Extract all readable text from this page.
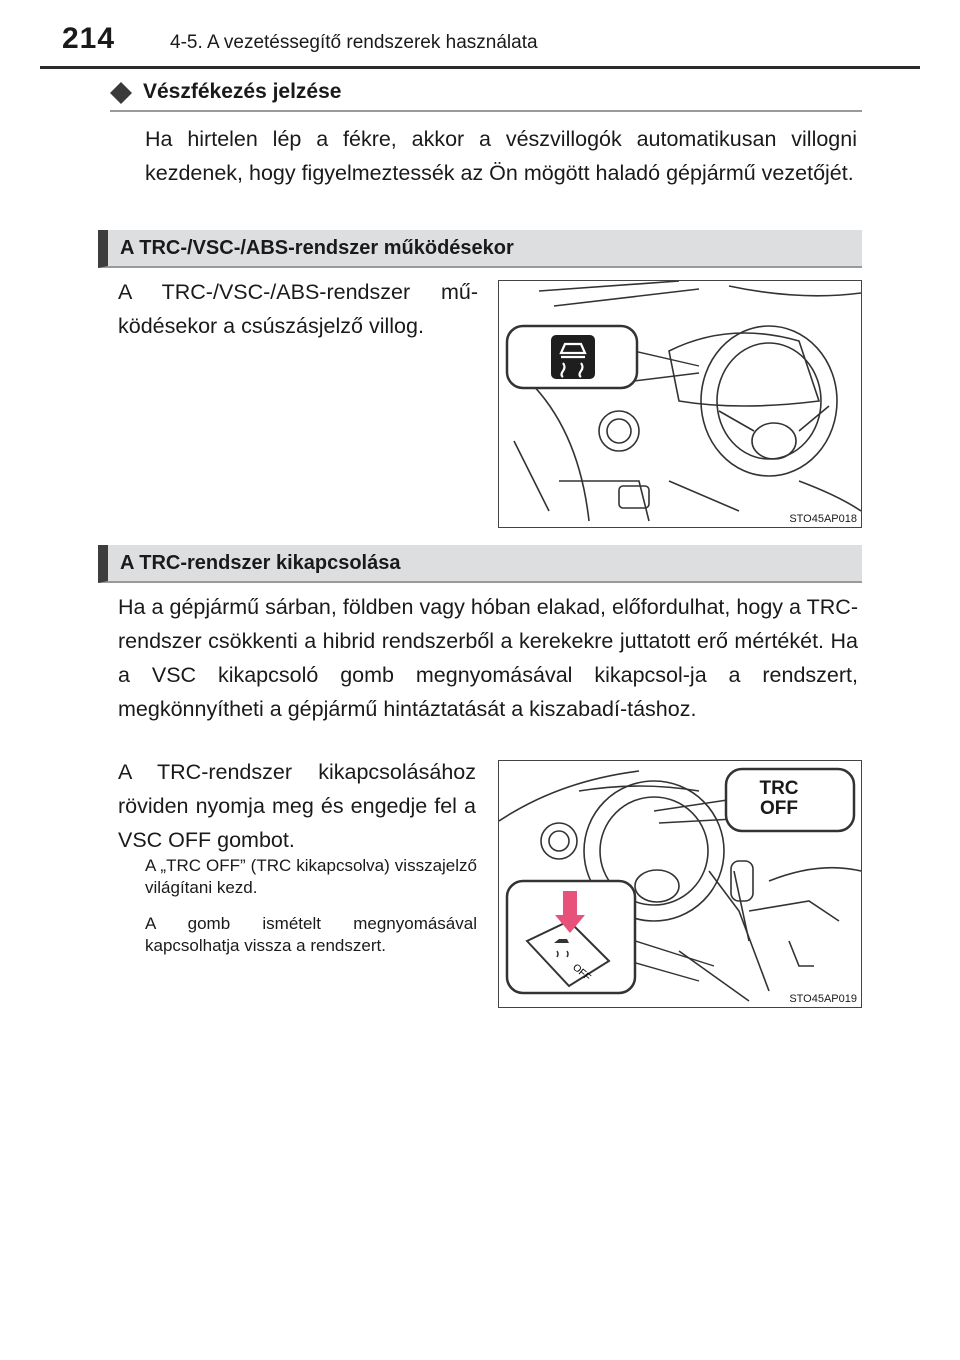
214	4-5. A vezetéssegítő rendszerek használata
Vészfékezés jelzése
Ha hirtelen lép a fékre, akkor a vészvillogók automatikusan villogni kezdenek, hogy figyelmeztessék az Ön mögött haladó gépjármű vezetőjét.
A TRC-/VSC-/ABS-rendszer működésekor
A TRC-/VSC-/ABS-rendszer mű-ködésekor a csúszásjelző villog.
STO45AP018
A TRC-rendszer kikapcsolása
Ha a gépjármű sárban, földben vagy hóban elakad, előfordulhat, hogy a TRC-rendszer csökkenti a hibrid rendszerből a kerekekre juttatott erő mértékét. Ha a VSC kikapcsoló gomb megnyomásával kikapcsol-ja a rendszert, megkönnyítheti a gépjármű hintáztatását a kiszabadí-táshoz.
A TRC-rendszer kikapcsolásához röviden nyomja meg és engedje fel a VSC OFF gombot.
A „TRC OFF” (TRC kikapcsolva) visszajelző világítani kezd.
A gomb ismételt megnyomásával kapcsolhatja vissza a rendszert.
OFF
TRC
OFF
STO45AP019
